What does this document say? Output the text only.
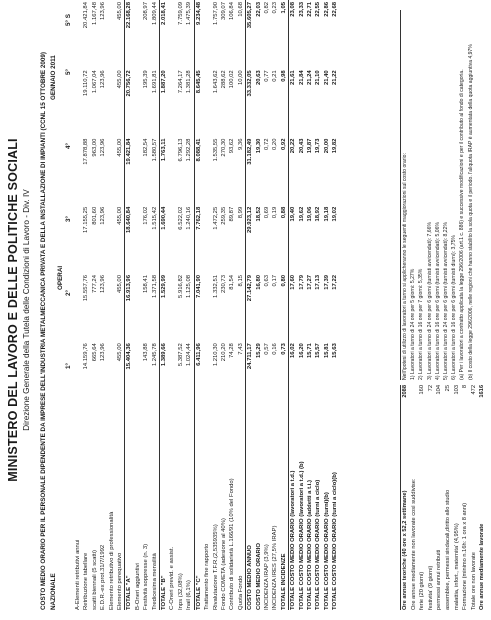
MINISTERO DEL LAVORO E DELLE POLITICHE SOCIALI Direzione Generale della Tutela delle Condizioni di Lavoro - Div. IV COSTO MEDIO ORARIO PER IL PERSONALE DIPENDENTE DA IMPRESE DELL'INDUSTRIA METALMECCANICA PRIVATA E DELLA INSTALLAZIONE DI IMPIANTI (CCNL 15 OTTOBRE 2009) NAZIONALE
GENNAIO 2011
OPERAI
1°
2°
3°
4°
5°
5° S
A-Elementi retributivi annui						
Retribuzione tabellare	14.159,76	15.557,76	17.155,25	17.878,88	19.110,72	20.421,84
scatti biennali (5 scatti)	665,64	777,24	801,60	963,00	1.067,04	1.167,48
E.D.R.-ex prot.31/7/1992	123,96	123,96	123,96	123,96	123,96	123,96
Elemento retributivo di professionalità						
Elemento perequativo	455,00	455,00	455,00	455,00	455,00	455,00
TOTALE "A"	15.404,36	16.913,96	18.640,84	19.421,84	20.756,72	22.168,28
B-Oneri aggiuntivi						
Festività soppresse (n. 3)	143,88	158,41	176,02	182,54	195,39	208,97
Tredicesima mensilità	1.245,78	1.371,58	1.515,42	1.580,57	1.691,81	1.809,44
TOTALE "B"	1.389,66	1.529,99	1.690,44	1.763,11	1.887,20	2.018,41
C-Oneri previd. e assist.						
Inps (32,08%)	5.387,52	5.916,82	6.522,02	6.796,13	7.264,17	7.759,09
Inail (6,1%)	1.024,44	1.125,08	1.240,16	1.292,28	1.381,28	1.475,39
TOTALE "C"	6.411,96	7.041,90	7.762,18	8.088,41	8.645,45	9.234,48
Trattamento fine rapporto						
Rivalutazione T.F.R.(2,535935%)	1.210,30	1.332,51	1.472,25	1.535,55	1.643,62	1.757,90
Fondo COMETA (adesione al 40%)	210,20	230,73	259,35	270,30	288,62	309,07
Contributo di solidarietà L.166/91 (10% del Fondo)	74,28	81,54	89,87	93,62	100,02	106,84
Quota Fondo	7,43	8,15	8,99	9,36	10,00	10,68
COSTO MEDIO ANNUO	24.711,17	27.142,79	29.923,12	31.182,49	33.332,05	35.605,27
COSTO MEDIO ORARIO	15,29	16,80	18,52	19,30	20,63	22,03
INCIDENZA IRAP (3,9%)	0,57	0,63	0,69	0,72	0,77	0,82
INCIDENZA IRES (27,5% IRAP)	0,16	0,17	0,19	0,20	0,21	0,23
TOTALE INCIDENZE	0,73	0,80	0,88	0,92	0,98	1,05
TOTALE COSTO MEDIO ORARIO (lavoratori a t.d.)	16,02	17,60	19,40	20,22	21,61	23,08
TOTALE COSTO MEDIO ORARIO (lavoratori a t.d.) (b)	16,20	17,79	19,62	20,43	21,84	23,33
TOTALE COSTO MEDIO ORARIO (addetti a t.i.)	15,71	17,27	19,06	19,87	21,24	22,71
TOTALE COSTO MEDIO ORARIO (turni a ciclo)	15,57	17,13	18,92	19,73	21,10	22,55
TOTALE COSTO MEDIO ORARIO (turni)(b)	15,81	17,39	19,18	20,00	21,40	22,86
TOTALE COSTO MEDIO ORARIO (turni a ciclo)(b)	15,63	17,22	19,02	19,82	21,22	22,68
Ore annue teoriche (40 ore x 52,2 settimane)	2088
Ore annue mediamente non lavorate così suddivise:	
ferie (20 giorni)	160
festivita' (9 giorni)	72
permessi annui retribuiti	104
assemblee, permessi sindacali,diritto allo studio	25
malattia, infort., maternita' (4,95%)	103
Formazione (minimo n.16h: 1 ora x 8 anni)	8
Totale ore non lavorate	472
Ore annue mediamente lavorate	1616
Nell'ipotesi di utilizzo di lavoratori a turno si applicheranno le seguenti maggiorazioni sul costo orario: 1) Lavoratori a turno di 24 ore per 5 giorni: 5,27% 2) Lavoratori a turno di 16 ore per 7 giorni: 5,35% 3) Lavoratori a turno di 24 ore per 6 giorni (turnisti avvicendati): 7,66% 4) Lavoratori a turno di 16 ore per 6 giorni (turnisti avvicendati): 5,06% 5) Lavoratori a turno di 24 ore per 6 giorni (turnisti avvicendati): 8,22% 6) Lavoratori a turno di 16 ore per 6 giorni (turnisti diurni): 3,75% (a) Per i lavoratori a contratto applicata la legge 296/2006 (art.1 c. 886) e successive modificazioni e per il contributo al fondo di categoria. (b) Il costo della legge 296/2006, nelle regioni che hanno stabilito la sola quota e il periodo. l'aliquota IRAP è aumentata della quota aggiuntiva 4,97%
